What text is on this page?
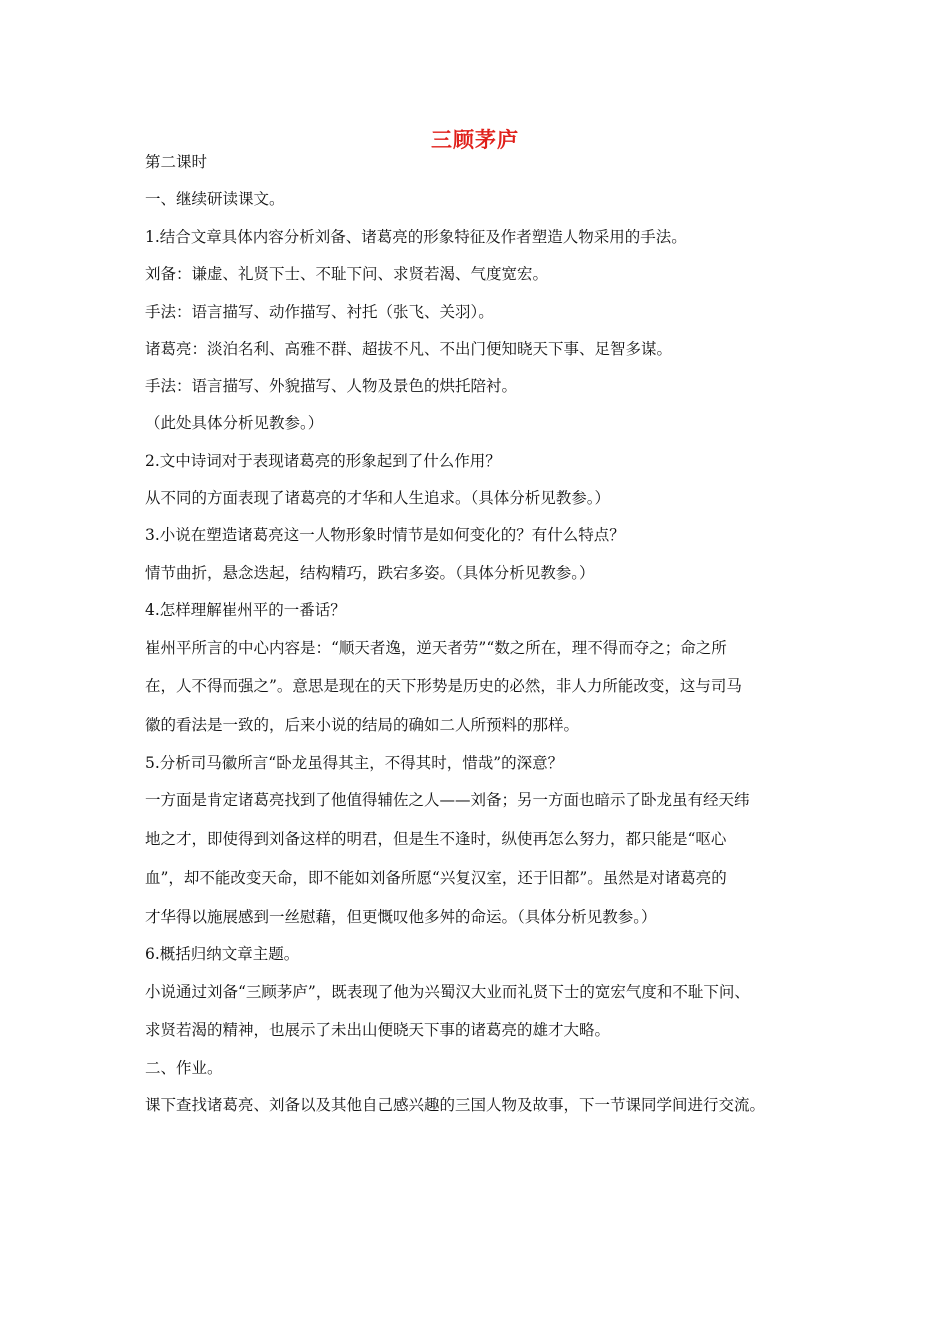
三顾茅庐
第二课时
一、继续研读课文。
1.结合文章具体内容分析刘备、诸葛亮的形象特征及作者塑造人物采用的手法。
刘备：谦虚、礼贤下士、不耻下问、求贤若渴、气度宽宏。
手法：语言描写、动作描写、衬托（张飞、关羽）。
诸葛亮：淡泊名利、高雅不群、超拔不凡、不出门便知晓天下事、足智多谋。
手法：语言描写、外貌描写、人物及景色的烘托陪衬。
（此处具体分析见教参。）
2.文中诗词对于表现诸葛亮的形象起到了什么作用？
从不同的方面表现了诸葛亮的才华和人生追求。（具体分析见教参。）
3.小说在塑造诸葛亮这一人物形象时情节是如何变化的？有什么特点？
情节曲折，悬念迭起，结构精巧，跌宕多姿。（具体分析见教参。）
4.怎样理解崔州平的一番话？
崔州平所言的中心内容是：“顺天者逸，逆天者劳”“数之所在，理不得而夺之；命之所
在，人不得而强之”。意思是现在的天下形势是历史的必然，非人力所能改变，这与司马
徽的看法是一致的，后来小说的结局的确如二人所预料的那样。
5.分析司马徽所言“卧龙虽得其主，不得其时，惜哉”的深意？
一方面是肯定诸葛亮找到了他值得辅佐之人——刘备；另一方面也暗示了卧龙虽有经天纬
地之才，即使得到刘备这样的明君，但是生不逢时，纵使再怎么努力，都只能是“呕心
血”，却不能改变天命，即不能如刘备所愿“兴复汉室，还于旧都”。虽然是对诸葛亮的
才华得以施展感到一丝慰藉，但更慨叹他多舛的命运。（具体分析见教参。）
6.概括归纳文章主题。
小说通过刘备“三顾茅庐”，既表现了他为兴蜀汉大业而礼贤下士的宽宏气度和不耻下问、
求贤若渴的精神，也展示了未出山便晓天下事的诸葛亮的雄才大略。
二、作业。
课下查找诸葛亮、刘备以及其他自己感兴趣的三国人物及故事，下一节课同学间进行交流。
